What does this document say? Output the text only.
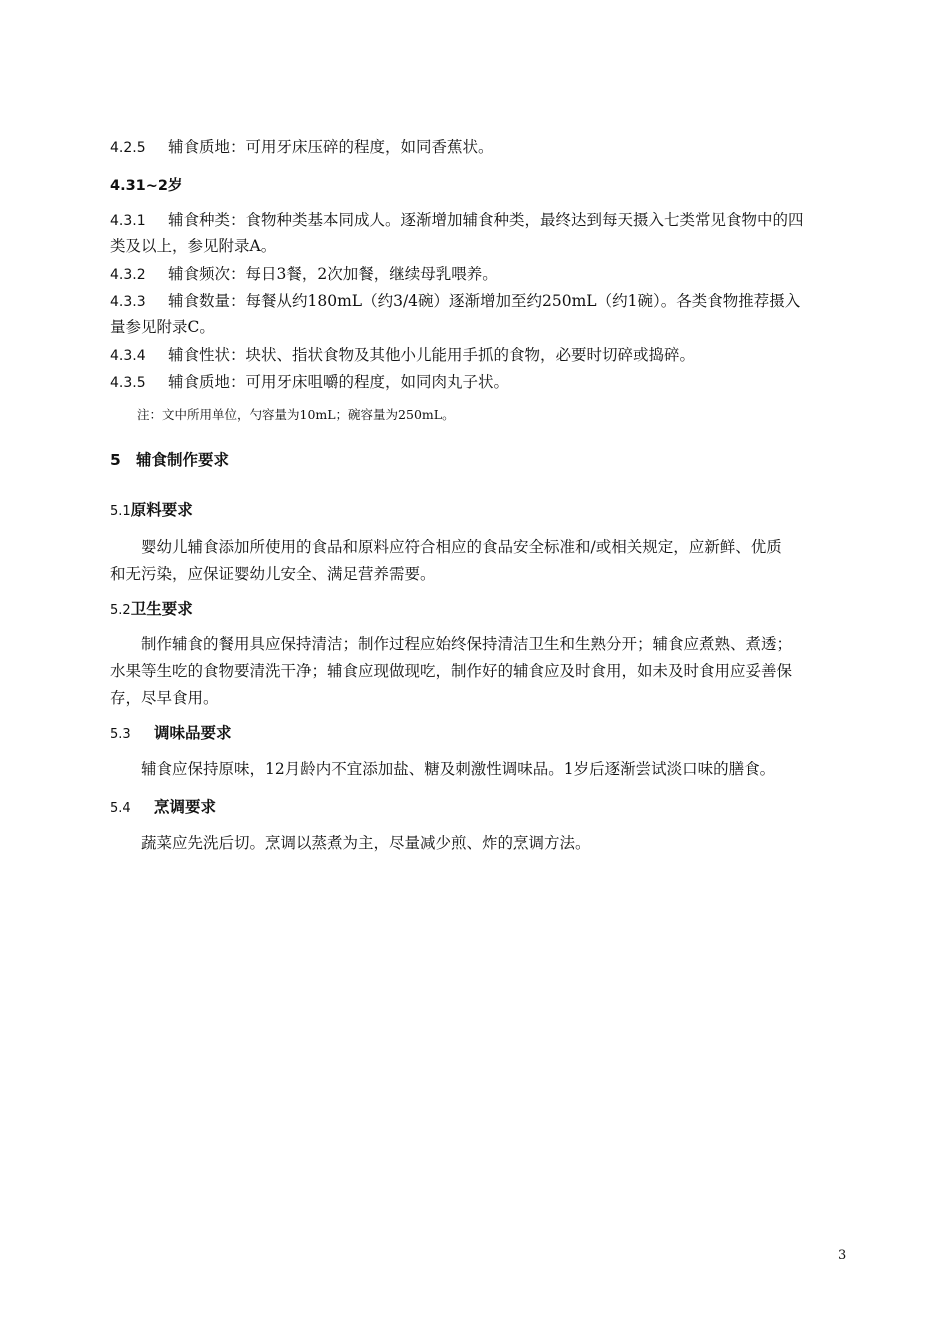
4.2.5 辅食质地：可用牙床压碎的程度，如同香蕉状。
4.31~2岁
4.3.1 辅食种类：食物种类基本同成人。逐渐增加辅食种类，最终达到每天摄入七类常见食物中的四
类及以上，参见附录A。
4.3.2 辅食频次：每日3餐，2次加餐，继续母乳喂养。
4.3.3 辅食数量：每餐从约180mL（约3/4碗）逐渐增加至约250mL（约1碗）。各类食物推荐摄入
量参见附录C。
4.3.4 辅食性状：块状、指状食物及其他小儿能用手抓的食物，必要时切碎或捣碎。
4.3.5 辅食质地：可用牙床咀嚼的程度，如同肉丸子状。
注：文中所用单位，勺容量为10mL；碗容量为250mL。
5 辅食制作要求
5.1原料要求
婴幼儿辅食添加所使用的食品和原料应符合相应的食品安全标准和/或相关规定，应新鲜、优质
和无污染，应保证婴幼儿安全、满足营养需要。
5.2卫生要求
制作辅食的餐用具应保持清洁；制作过程应始终保持清洁卫生和生熟分开；辅食应煮熟、煮透；
水果等生吃的食物要清洗干净；辅食应现做现吃，制作好的辅食应及时食用，如未及时食用应妥善保
存，尽早食用。
5.3 调味品要求
辅食应保持原味，12月龄内不宜添加盐、糖及刺激性调味品。1岁后逐渐尝试淡口味的膳食。
5.4 烹调要求
蔬菜应先洗后切。烹调以蒸煮为主，尽量减少煎、炸的烹调方法。
3
